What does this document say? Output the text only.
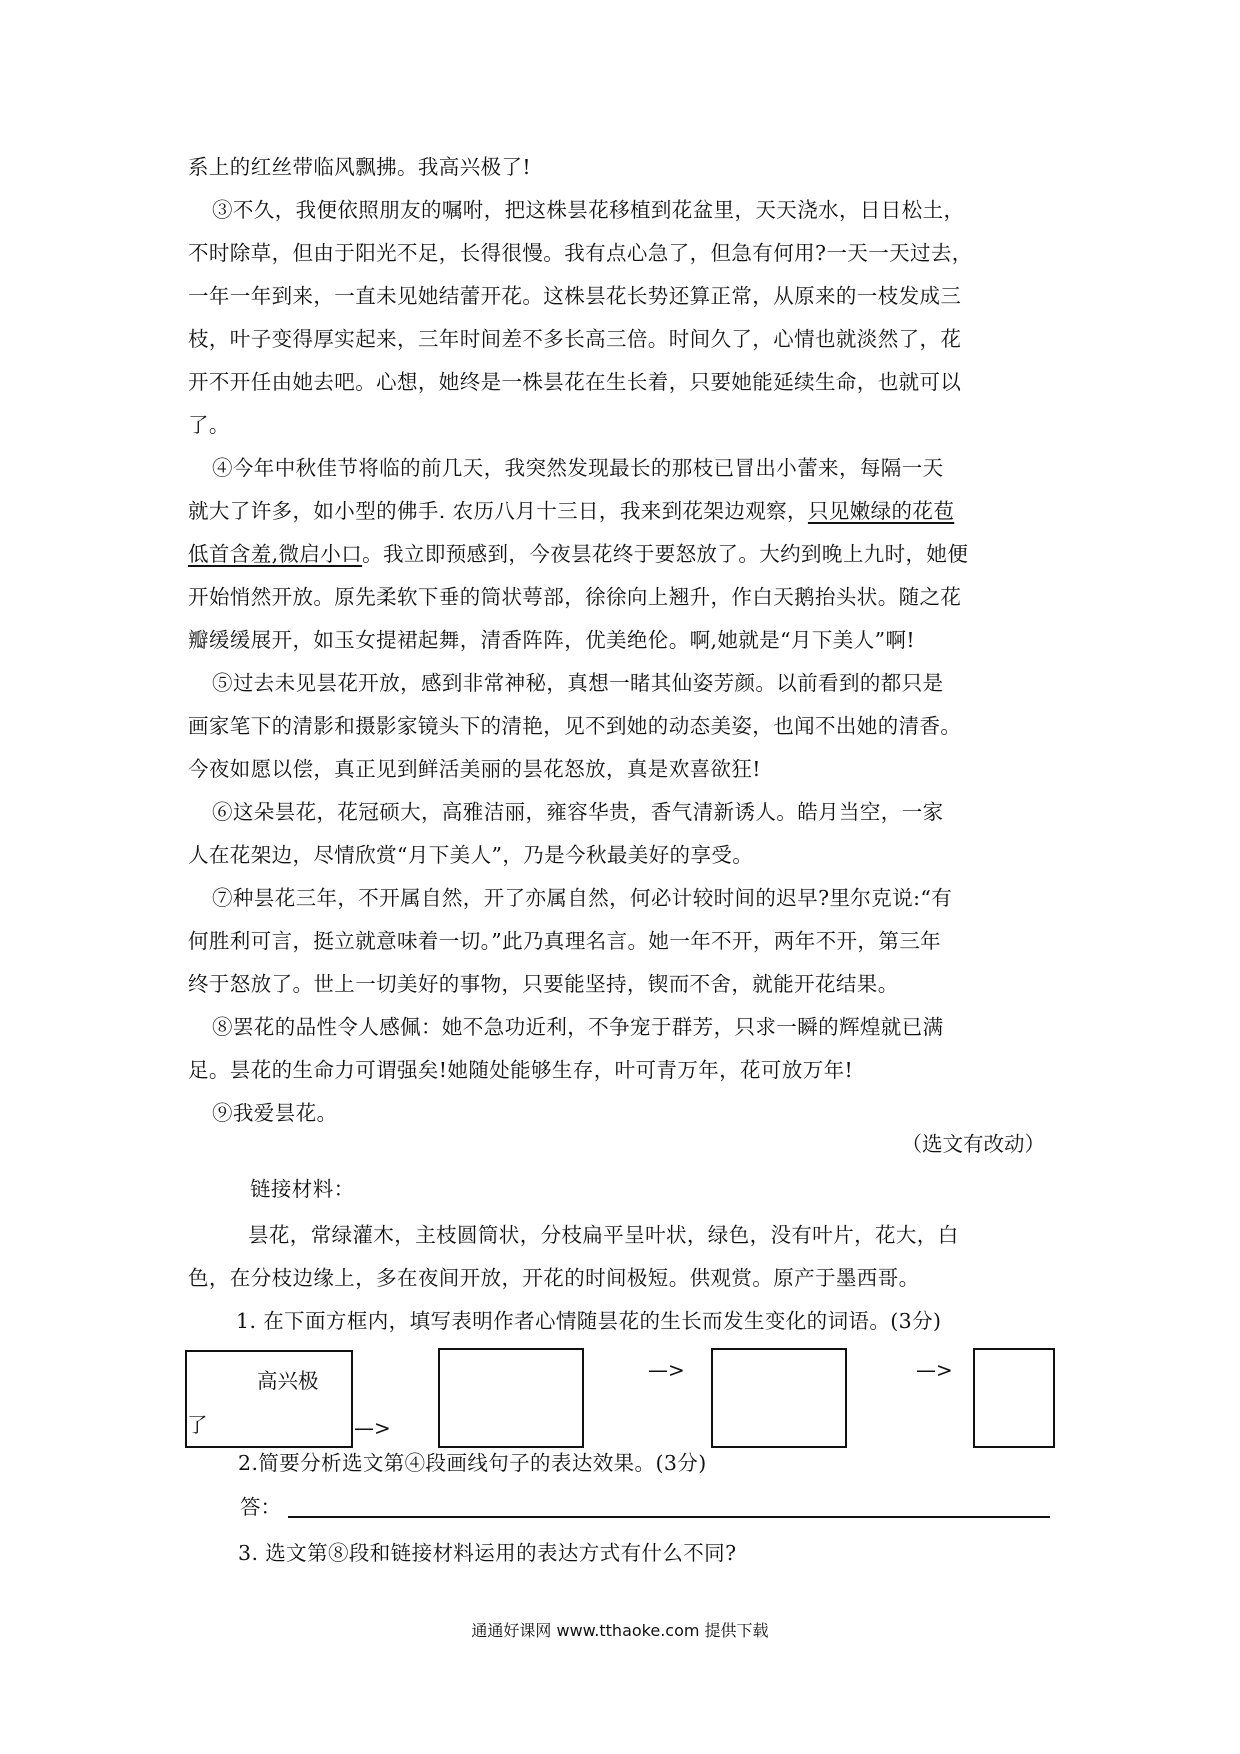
系上的红丝带临风飘拂。我高兴极了!
③不久，我便依照朋友的嘱咐，把这株昙花移植到花盆里，天天浇水，日日松土，
不时除草，但由于阳光不足，长得很慢。我有点心急了，但急有何用?一天一天过去，
一年一年到来，一直未见她结蕾开花。这株昙花长势还算正常，从原来的一枝发成三
枝，叶子变得厚实起来，三年时间差不多长高三倍。时间久了，心情也就淡然了，花
开不开任由她去吧。心想，她终是一株昙花在生长着，只要她能延续生命，也就可以
了。
④今年中秋佳节将临的前几天，我突然发现最长的那枝已冒出小蕾来，每隔一天
就大了许多，如小型的佛手. 农历八月十三日，我来到花架边观察，只见嫩绿的花苞
低首含羞,微启小口。我立即预感到，今夜昙花终于要怒放了。大约到晚上九时，她便
开始悄然开放。原先柔软下垂的筒状萼部，徐徐向上翘升，作白天鹅抬头状。随之花
瓣缓缓展开，如玉女提裙起舞，清香阵阵，优美绝伦。啊,她就是“月下美人”啊!
⑤过去未见昙花开放，感到非常神秘，真想一睹其仙姿芳颜。以前看到的都只是
画家笔下的清影和摄影家镜头下的清艳，见不到她的动态美姿，也闻不出她的清香。
今夜如愿以偿，真正见到鲜活美丽的昙花怒放，真是欢喜欲狂!
⑥这朵昙花，花冠硕大，高雅洁丽，雍容华贵，香气清新诱人。皓月当空，一家
人在花架边，尽情欣赏“月下美人”，乃是今秋最美好的享受。
⑦种昙花三年，不开属自然，开了亦属自然，何必计较时间的迟早?里尔克说:“有
何胜利可言，挺立就意味着一切。”此乃真理名言。她一年不开，两年不开，第三年
终于怒放了。世上一切美好的事物，只要能坚持，锲而不舍，就能开花结果。
⑧罢花的品性令人感佩：她不急功近利，不争宠于群芳，只求一瞬的辉煌就已满
足。昙花的生命力可谓强矣!她随处能够生存，叶可青万年，花可放万年!
⑨我爱昙花。
（选文有改动）
链接材料：
昙花，常绿灌木，主枝圆筒状，分枝扁平呈叶状，绿色，没有叶片，花大，白
色，在分枝边缘上，多在夜间开放，开花的时间极短。供观赏。原产于墨西哥。
1. 在下面方框内，填写表明作者心情随昙花的生长而发生变化的词语。(3分)
高兴极
了	—>
—>	—>
2.简要分析选文第④段画线句子的表达效果。(3分)
答：
3. 选文第⑧段和链接材料运用的表达方式有什么不同?
通通好课网 www.tthaoke.com 提供下载
